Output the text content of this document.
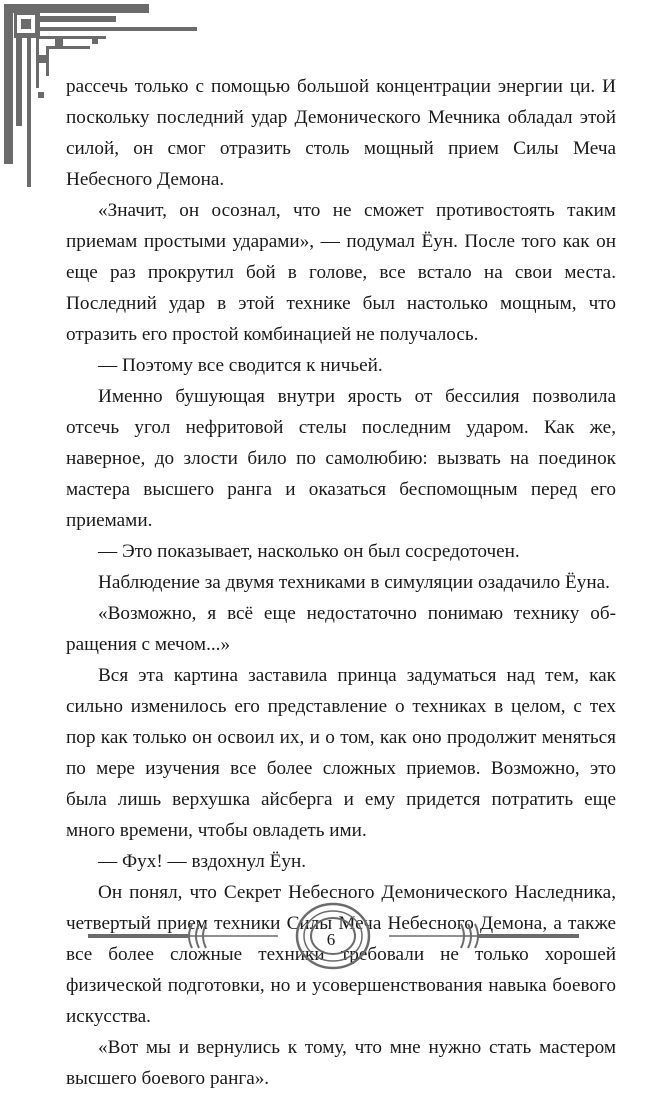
рассечь только с помощью большой концентрации энергии ци. И поскольку последний удар Демонического Мечника обладал этой силой, он смог отразить столь мощный прием Силы Меча Небесного Демона.

«Значит, он осознал, что не сможет противостоять таким приемам простыми ударами», — подумал Ёун. После того как он еще раз прокрутил бой в голове, все встало на свои места. Последний удар в этой технике был настолько мощным, что отразить его простой комбинацией не получалось.

— Поэтому все сводится к ничьей.

Именно бушующая внутри ярость от бессилия позволила отсечь угол нефритовой стелы последним ударом. Как же, наверное, до злости било по самолюбию: вызвать на поединок мастера высшего ранга и оказаться беспомощным перед его приемами.

— Это показывает, насколько он был сосредоточен.

Наблюдение за двумя техниками в симуляции озадачило Ёуна.

«Возможно, я всё еще недостаточно понимаю технику обращения с мечом...»

Вся эта картина заставила принца задуматься над тем, как сильно изменилось его представление о техниках в целом, с тех пор как только он освоил их, и о том, как оно продолжит меняться по мере изучения все более сложных приемов. Возможно, это была лишь верхушка айсберга и ему придется потратить еще много времени, чтобы овладеть ими.

— Фух! — вздохнул Ёун.

Он понял, что Секрет Небесного Демонического Наследника, четвертый прием техники Силы Меча Небесного Демона, а также все более сложные техники требовали не только хорошей физической подготовки, но и усовершенствования навыка боевого искусства.

«Вот мы и вернулись к тому, что мне нужно стать мастером высшего боевого ранга».

6
